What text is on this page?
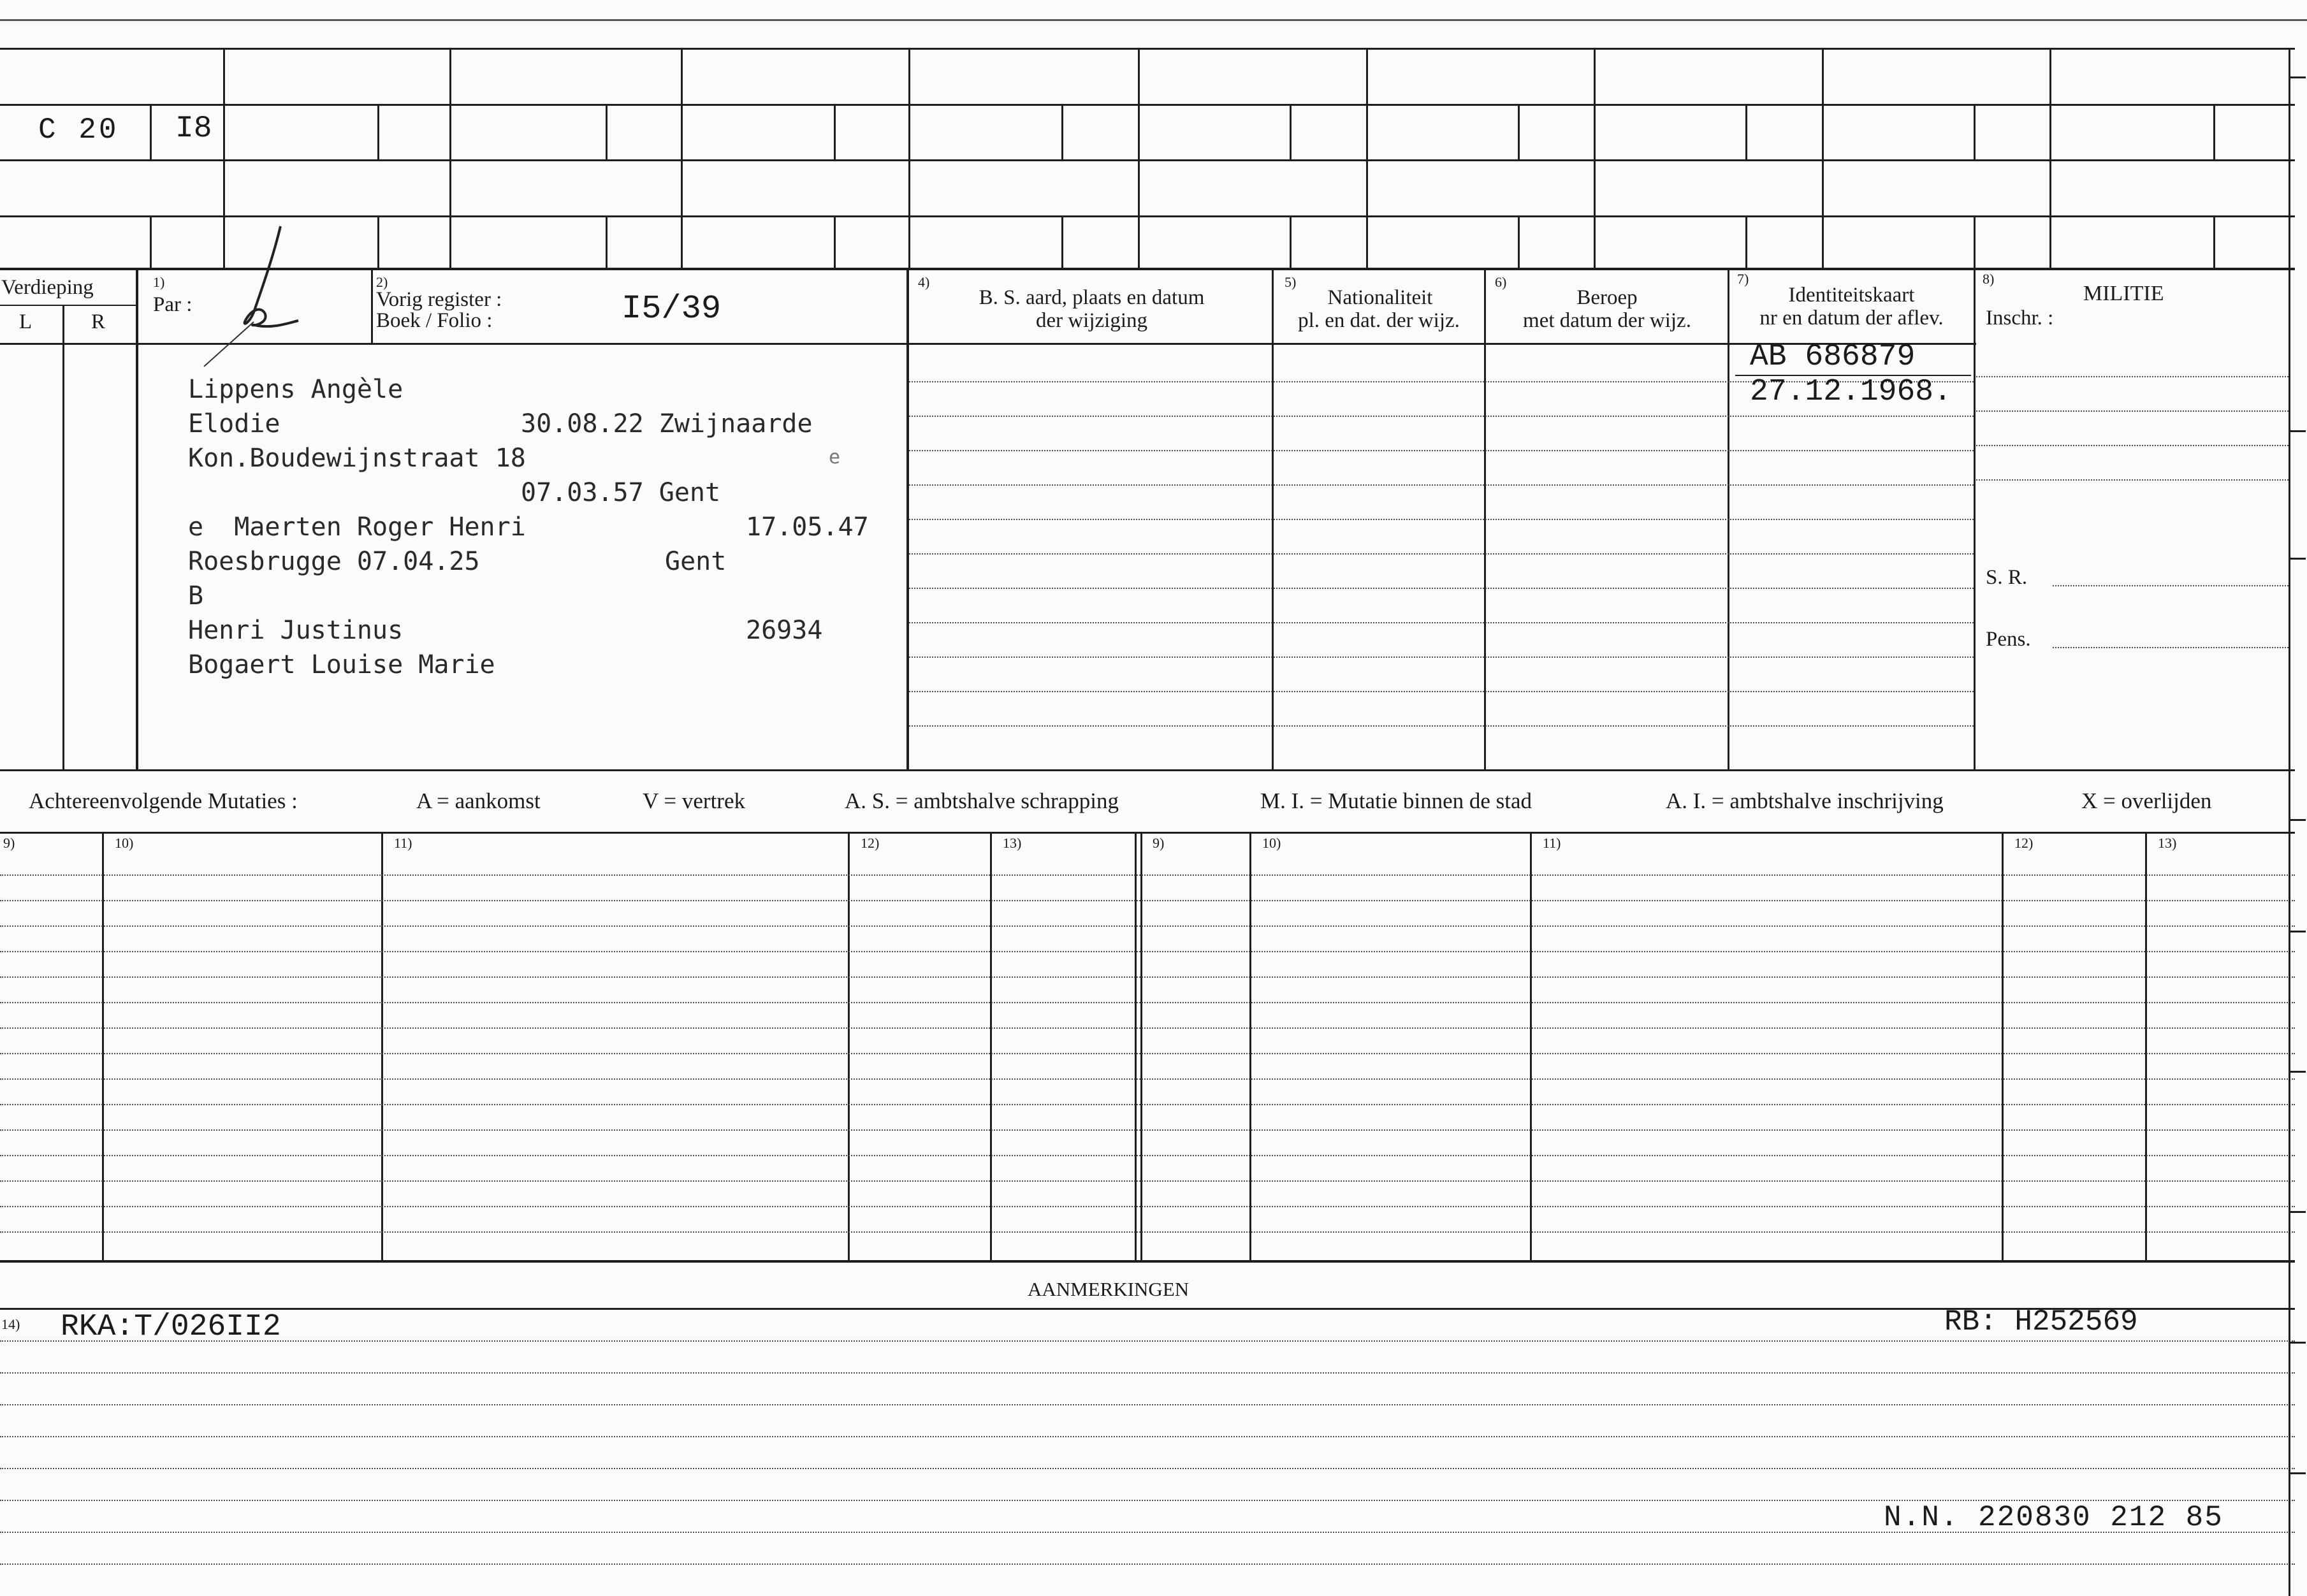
C 20 I8
Verdieping
L	R
1)
Par :
2)
Vorig register :
Boek / Folio :	I5/39
4)
B. S. aard, plaats en datum
der wijziging
5)
Nationaliteit
pl. en dat. der wijz.
6)
Beroep
met datum der wijz.
7)
Identiteitskaart
nr en datum der aflev.
8)
MILITIE
Inschr. :
Lippens Angèle
Elodie	30.08.22 Zwijnaarde
Kon.Boudewijnstraat 18	e
07.03.57 Gent
e  Maerten Roger Henri	17.05.47
Roesbrugge 07.04.25	Gent
B
Henri Justinus	26934
Bogaert Louise Marie
AB 686879
27.12.1968.
S. R.
Pens.
Achtereenvolgende Mutaties :	A = aankomst	V = vertrek	A. S. = ambtshalve schrapping	M. I. = Mutatie binnen de stad	A. I. = ambtshalve inschrijving	X = overlijden
9)	10)	11)	12)	13)	9)	10)	11)	12)	13)
AANMERKINGEN
14) RKA:T/026II2	RB: H252569
N.N. 220830 212 85
